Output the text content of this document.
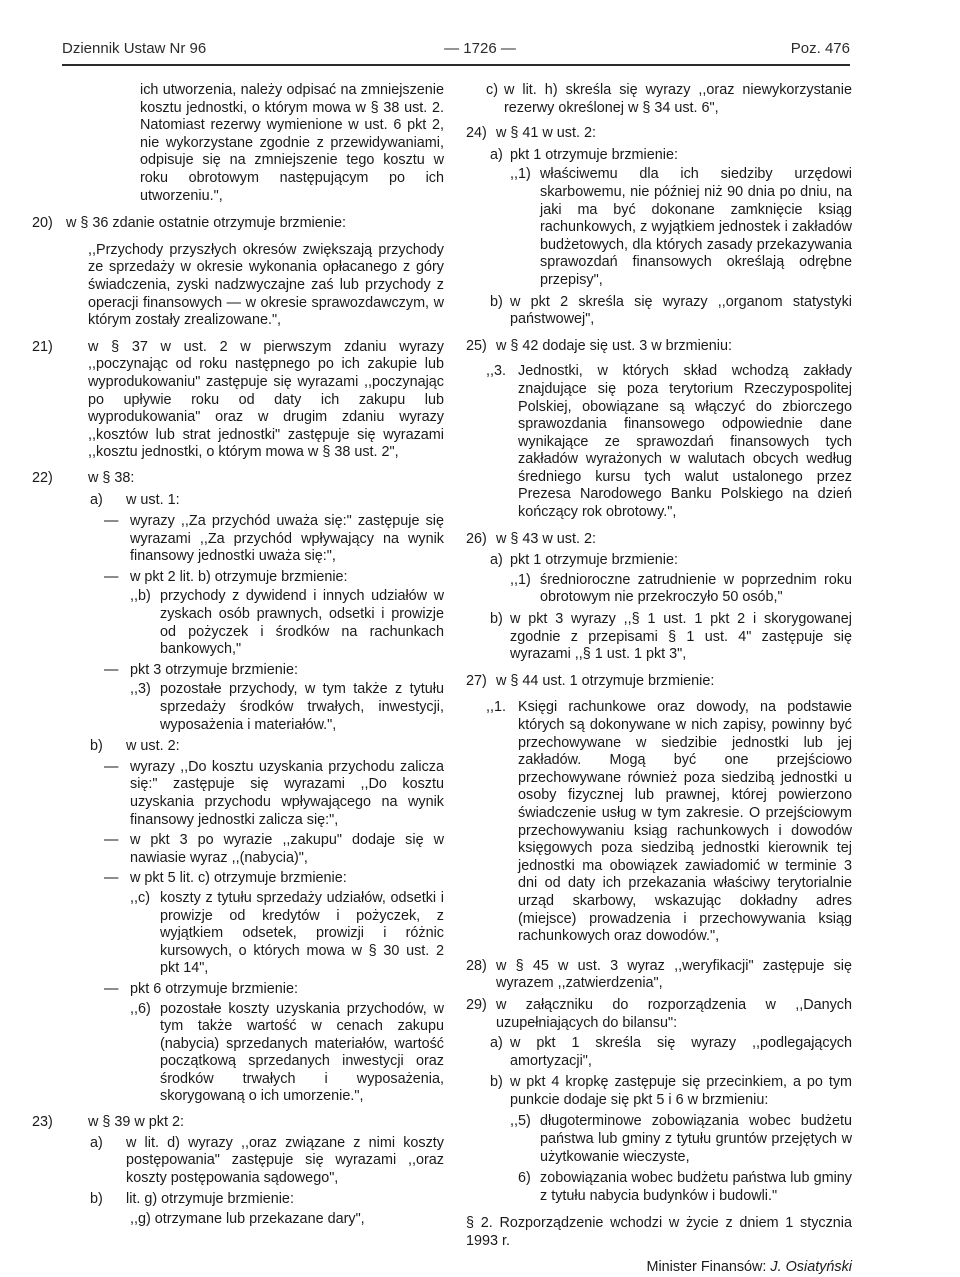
Dziennik Ustaw Nr 96	— 1726 —	Poz. 476
ich utworzenia, należy odpisać na zmniejszenie kosztu jednostki, o którym mowa w § 38 ust. 2. Natomiast rezerwy wymienione w ust. 6 pkt 2, nie wykorzystane zgodnie z przewidywaniami, odpisuje się na zmniejszenie tego kosztu w roku obrotowym następującym po ich utworzeniu.",
20) w § 36 zdanie ostatnie otrzymuje brzmienie:
,,Przychody przyszłych okresów zwiększają przychody ze sprzedaży w okresie wykonania opłacanego z góry świadczenia, zyski nadzwyczajne zaś lub przychody z operacji finansowych — w okresie sprawozdawczym, w którym zostały zrealizowane.",
21) w § 37 w ust. 2 w pierwszym zdaniu wyrazy ,,poczynając od roku następnego po ich zakupie lub wyprodukowaniu" zastępuje się wyrazami ,,poczynając po upływie roku od daty ich zakupu lub wyprodukowania" oraz w drugim zdaniu wyrazy ,,kosztów lub strat jednostki" zastępuje się wyrazami ,,kosztu jednostki, o którym mowa w § 38 ust. 2",
22) w § 38:
a) w ust. 1:
— wyrazy ,,Za przychód uważa się:" zastępuje się wyrazami ,,Za przychód wpływający na wynik finansowy jednostki uważa się:",
— w pkt 2 lit. b) otrzymuje brzmienie:
,,b) przychody z dywidend i innych udziałów w zyskach osób prawnych, odsetki i prowizje od pożyczek i środków na rachunkach bankowych,"
— pkt 3 otrzymuje brzmienie:
,,3) pozostałe przychody, w tym także z tytułu sprzedaży środków trwałych, inwestycji, wyposażenia i materiałów.",
b) w ust. 2:
— wyrazy ,,Do kosztu uzyskania przychodu zalicza się:" zastępuje się wyrazami ,,Do kosztu uzyskania przychodu wpływającego na wynik finansowy jednostki zalicza się:",
— w pkt 3 po wyrazie ,,zakupu" dodaje się w nawiasie wyraz ,,(nabycia)",
— w pkt 5 lit. c) otrzymuje brzmienie:
,,c) koszty z tytułu sprzedaży udziałów, odsetki i prowizje od kredytów i pożyczek, z wyjątkiem odsetek, prowizji i różnic kursowych, o których mowa w § 30 ust. 2 pkt 14",
— pkt 6 otrzymuje brzmienie:
,,6) pozostałe koszty uzyskania przychodów, w tym także wartość w cenach zakupu (nabycia) sprzedanych materiałów, wartość początkową sprzedanych inwestycji oraz środków trwałych i wyposażenia, skorygowaną o ich umorzenie.",
23) w § 39 w pkt 2:
a) w lit. d) wyrazy ,,oraz związane z nimi koszty postępowania" zastępuje się wyrazami ,,oraz koszty postępowania sądowego",
b) lit. g) otrzymuje brzmienie:
,,g) otrzymane lub przekazane dary",
c) w lit. h) skreśla się wyrazy ,,oraz niewykorzystanie rezerwy określonej w § 34 ust. 6",
24) w § 41 w ust. 2:
a) pkt 1 otrzymuje brzmienie:
,,1) właściwemu dla ich siedziby urzędowi skarbowemu, nie później niż 90 dnia po dniu, na jaki ma być dokonane zamknięcie ksiąg rachunkowych, z wyjątkiem jednostek i zakładów budżetowych, dla których zasady przekazywania sprawozdań finansowych określają odrębne przepisy",
b) w pkt 2 skreśla się wyrazy ,,organom statystyki państwowej",
25) w § 42 dodaje się ust. 3 w brzmieniu:
,,3. Jednostki, w których skład wchodzą zakłady znajdujące się poza terytorium Rzeczypospolitej Polskiej, obowiązane są włączyć do zbiorczego sprawozdania finansowego odpowiednie dane wynikające ze sprawozdań finansowych tych zakładów wyrażonych w walutach obcych według średniego kursu tych walut ustalonego przez Prezesa Narodowego Banku Polskiego na dzień kończący rok obrotowy.",
26) w § 43 w ust. 2:
a) pkt 1 otrzymuje brzmienie:
,,1) średnioroczne zatrudnienie w poprzednim roku obrotowym nie przekroczyło 50 osób,"
b) w pkt 3 wyrazy ,,§ 1 ust. 1 pkt 2 i skorygowanej zgodnie z przepisami § 1 ust. 4" zastępuje się wyrazami ,,§ 1 ust. 1 pkt 3",
27) w § 44 ust. 1 otrzymuje brzmienie:
,,1. Księgi rachunkowe oraz dowody, na podstawie których są dokonywane w nich zapisy, powinny być przechowywane w siedzibie jednostki lub jej zakładów. Mogą być one przejściowo przechowywane również poza siedzibą jednostki u osoby fizycznej lub prawnej, której powierzono świadczenie usług w tym zakresie. O przejściowym przechowywaniu ksiąg rachunkowych i dowodów księgowych poza siedzibą jednostki kierownik tej jednostki ma obowiązek zawiadomić w terminie 3 dni od daty ich przekazania właściwy terytorialnie urząd skarbowy, wskazując dokładny adres (miejsce) prowadzenia i przechowywania ksiąg rachunkowych oraz dowodów.",
28) w § 45 w ust. 3 wyraz ,,weryfikacji" zastępuje się wyrazem ,,zatwierdzenia",
29) w załączniku do rozporządzenia w ,,Danych uzupełniających do bilansu":
a) w pkt 1 skreśla się wyrazy ,,podlegających amortyzacji",
b) w pkt 4 kropkę zastępuje się przecinkiem, a po tym punkcie dodaje się pkt 5 i 6 w brzmieniu:
,,5) długoterminowe zobowiązania wobec budżetu państwa lub gminy z tytułu gruntów przejętych w użytkowanie wieczyste,
6) zobowiązania wobec budżetu państwa lub gminy z tytułu nabycia budynków i budowli."
§ 2. Rozporządzenie wchodzi w życie z dniem 1 stycznia 1993 r.
Minister Finansów: J. Osiatyński
